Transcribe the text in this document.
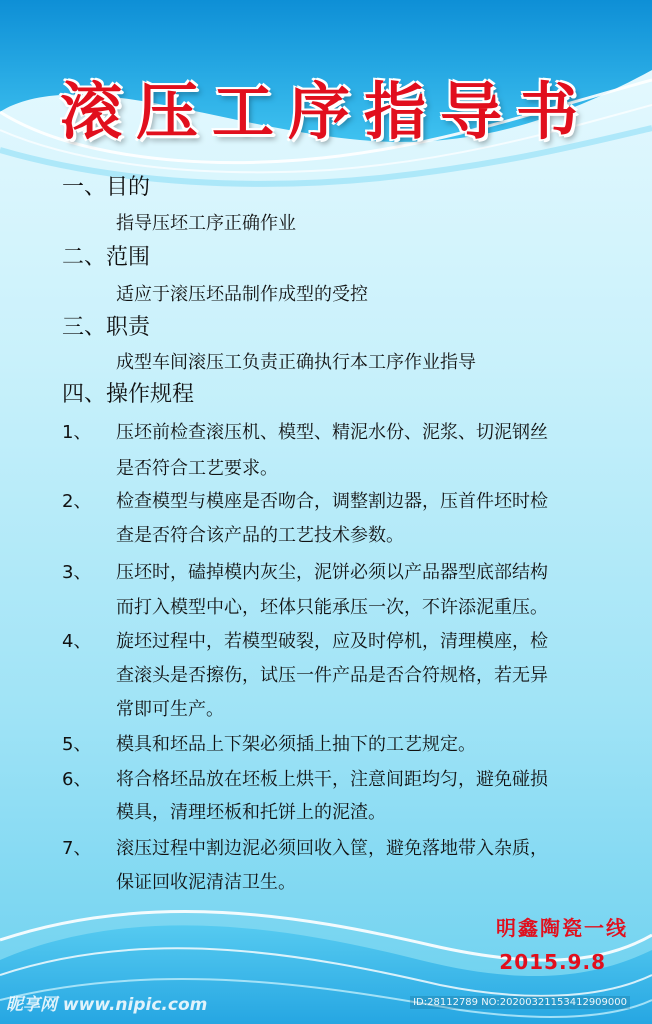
滚压工序指导书
一、目的
指导压坯工序正确作业
二、范围
适应于滚压坯品制作成型的受控
三、职责
成型车间滚压工负责正确执行本工序作业指导
四、操作规程
1、 压坯前检查滚压机、模型、精泥水份、泥浆、切泥钢丝
是否符合工艺要求。
2、 检查模型与模座是否吻合，调整割边器，压首件坯时检
查是否符合该产品的工艺技术参数。
3、 压坯时，磕掉模内灰尘，泥饼必须以产品器型底部结构
而打入模型中心，坯体只能承压一次，不许添泥重压。
4、 旋坯过程中，若模型破裂，应及时停机，清理模座，检
查滚头是否擦伤，试压一件产品是否合符规格，若无异
常即可生产。
5、 模具和坯品上下架必须插上抽下的工艺规定。
6、 将合格坯品放在坯板上烘干，注意间距均匀，避免碰损
模具，清理坯板和托饼上的泥渣。
7、 滚压过程中割边泥必须回收入筐，避免落地带入杂质，
保证回收泥清洁卫生。
明鑫陶瓷一线
2015.9.8
昵享网 www.nipic.com	ID:28112789 NO:20200321153412909000
